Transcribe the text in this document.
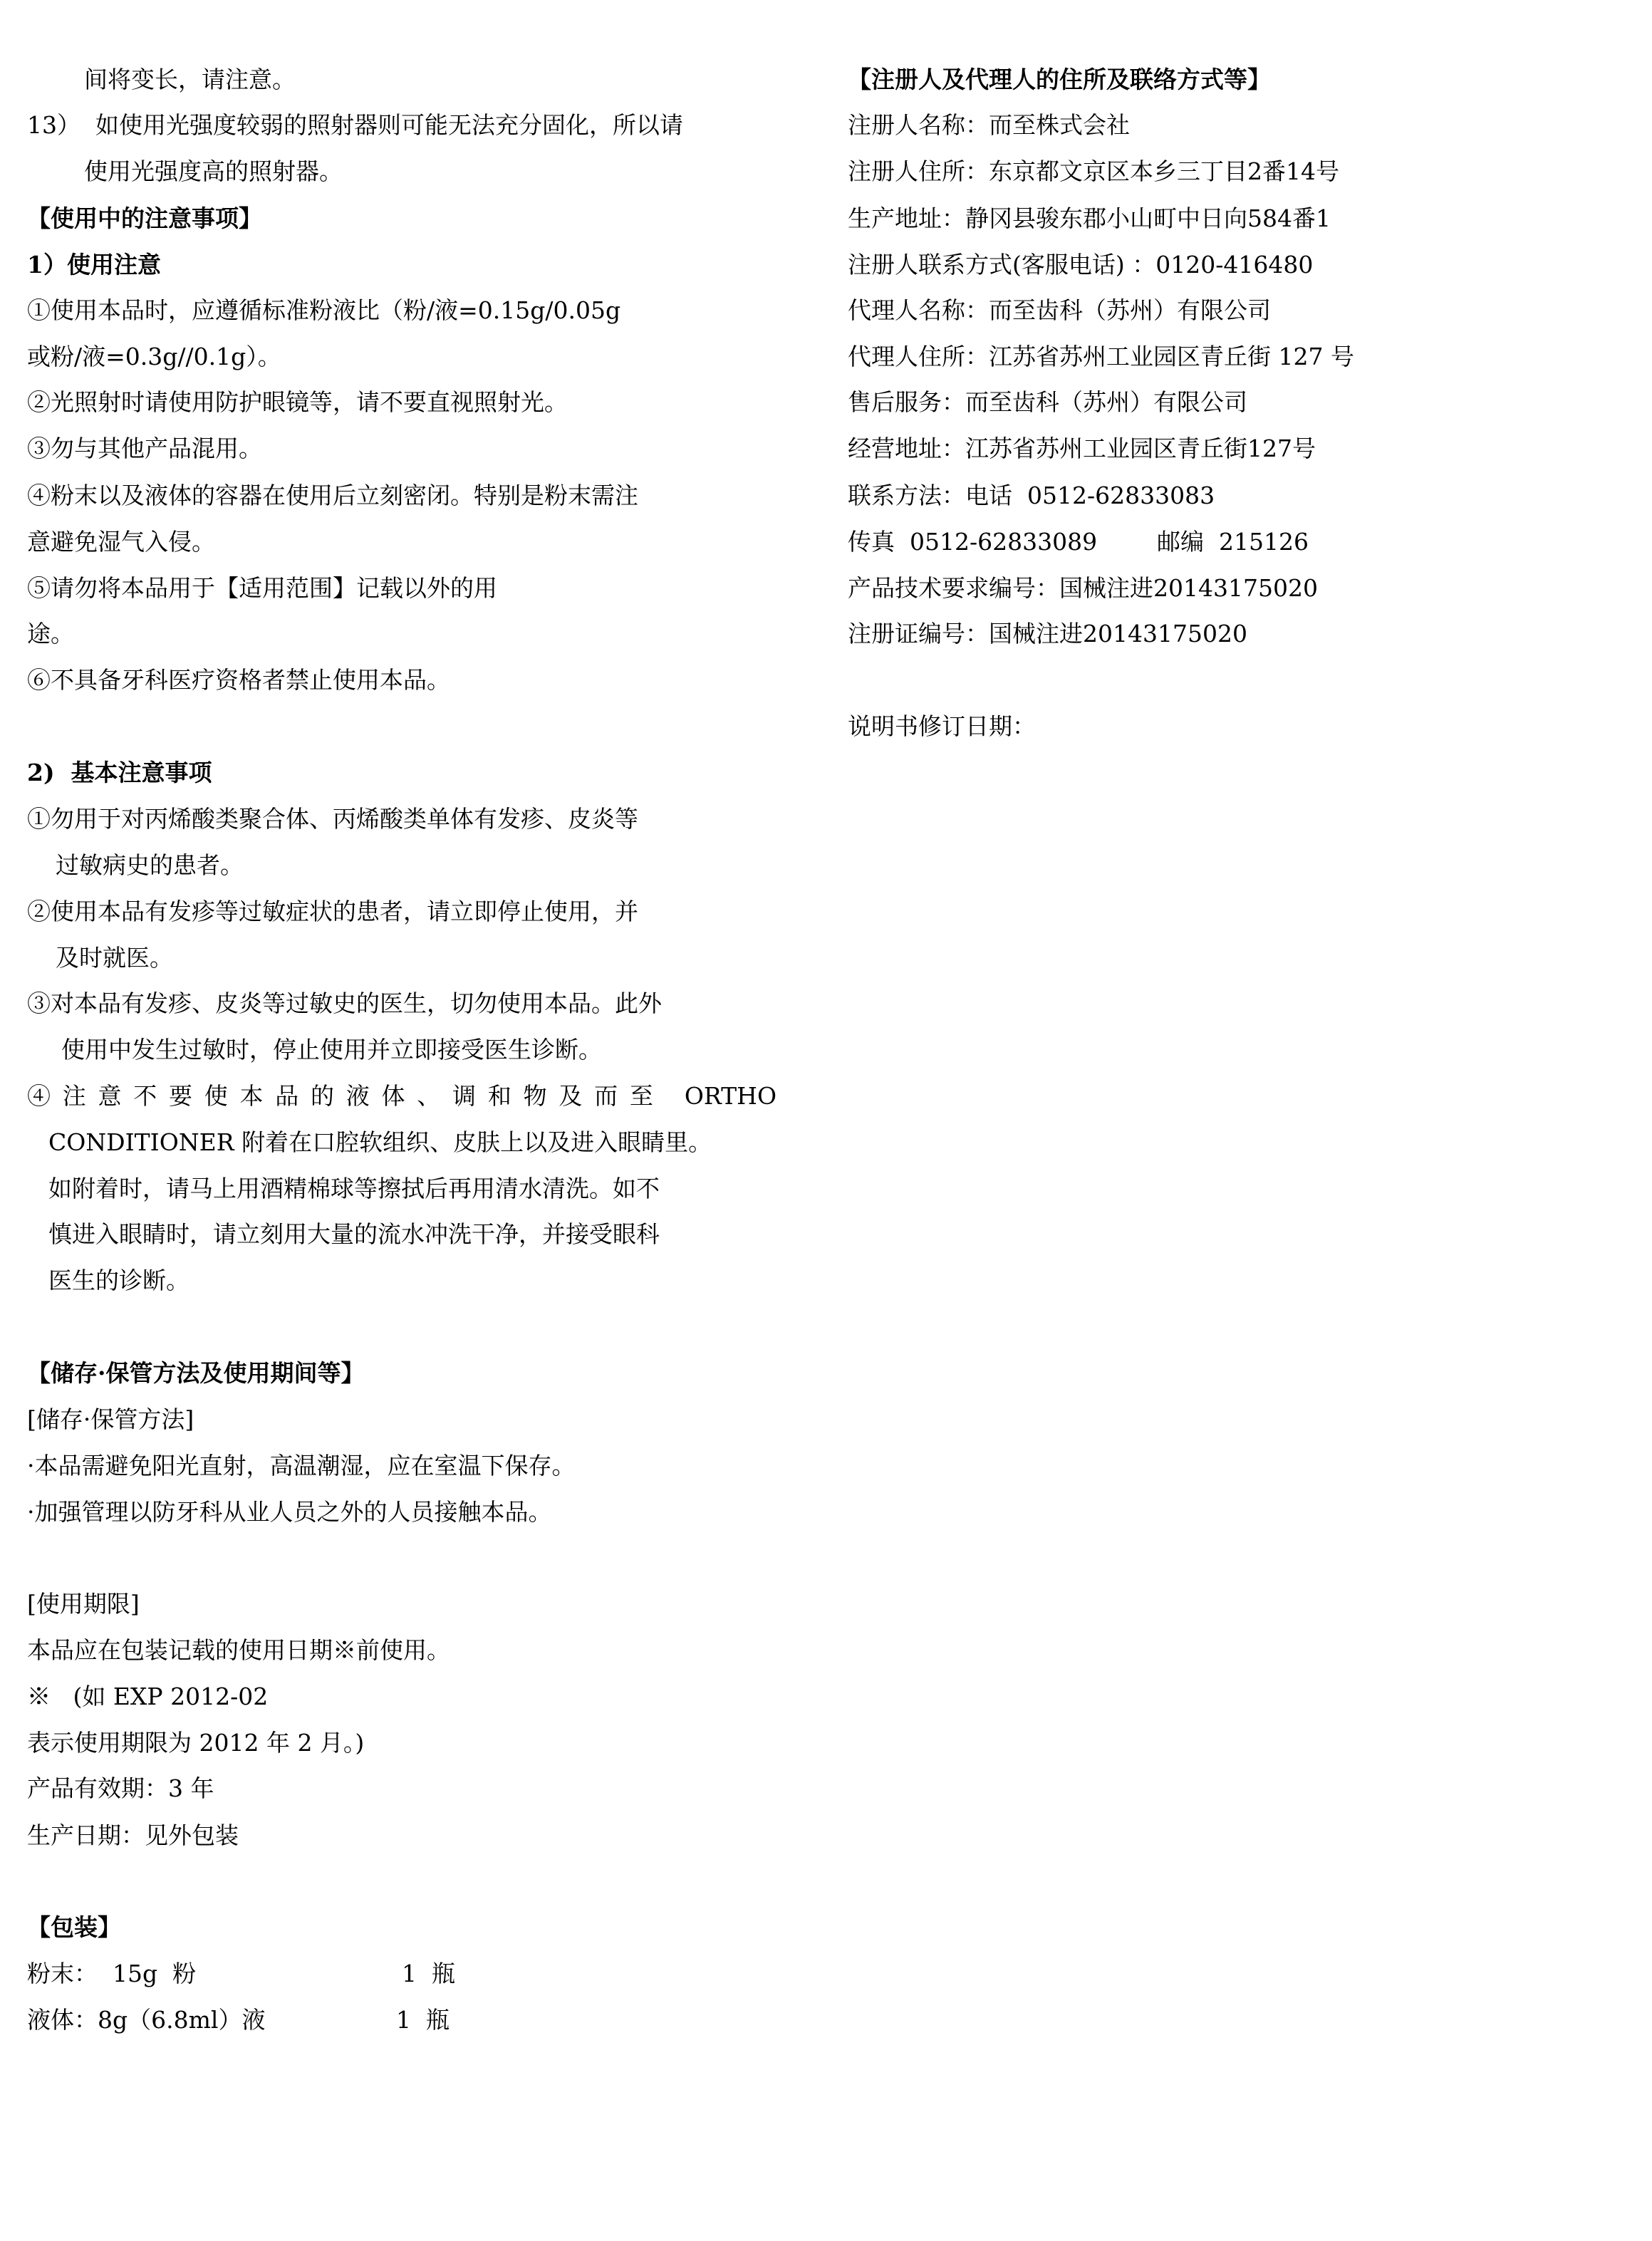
间将变长，请注意。
13）  如使用光强度较弱的照射器则可能无法充分固化，所以请
使用光强度高的照射器。
【使用中的注意事项】
1）使用注意
①使用本品时，应遵循标准粉液比（粉/液=0.15g/0.05g
或粉/液=0.3g//0.1g）。
②光照射时请使用防护眼镜等，请不要直视照射光。
③勿与其他产品混用。
④粉末以及液体的容器在使用后立刻密闭。特别是粉末需注
意避免湿气入侵。
⑤请勿将本品用于【适用范围】记载以外的用
途。
⑥不具备牙科医疗资格者禁止使用本品。
2)  基本注意事项
①勿用于对丙烯酸类聚合体、丙烯酸类单体有发疹、皮炎等
过敏病史的患者。
②使用本品有发疹等过敏症状的患者，请立即停止使用，并
及时就医。
③对本品有发疹、皮炎等过敏史的医生，切勿使用本品。此外
使用中发生过敏时，停止使用并立即接受医生诊断。
④注意不要使本品的液体、调和物及而至 ORTHO
CONDITIONER 附着在口腔软组织、皮肤上以及进入眼睛里。
如附着时，请马上用酒精棉球等擦拭后再用清水清洗。如不
慎进入眼睛时，请立刻用大量的流水冲洗干净，并接受眼科
医生的诊断。
【储存·保管方法及使用期间等】
[储存·保管方法]
·本品需避免阳光直射，高温潮湿，应在室温下保存。
·加强管理以防牙科从业人员之外的人员接触本品。
[使用期限]
本品应在包装记载的使用日期※前使用。
※   (如 EXP 2012-02
表示使用期限为 2012 年 2 月。)
产品有效期：3 年
生产日期：见外包装
【包装】
粉末：  15g  粉	1  瓶
液体：8g（6.8ml）液	1  瓶
【注册人及代理人的住所及联络方式等】
注册人名称：而至株式会社
注册人住所：东京都文京区本乡三丁目2番14号
生产地址：静冈县骏东郡小山町中日向584番1
注册人联系方式(客服电话) ：0120-416480
代理人名称：而至齿科（苏州）有限公司
代理人住所：江苏省苏州工业园区青丘街 127 号
售后服务：而至齿科（苏州）有限公司
经营地址：江苏省苏州工业园区青丘街127号
联系方法：电话  0512-62833083
传真  0512-62833089        邮编  215126
产品技术要求编号：国械注进20143175020
注册证编号：国械注进20143175020
说明书修订日期：
